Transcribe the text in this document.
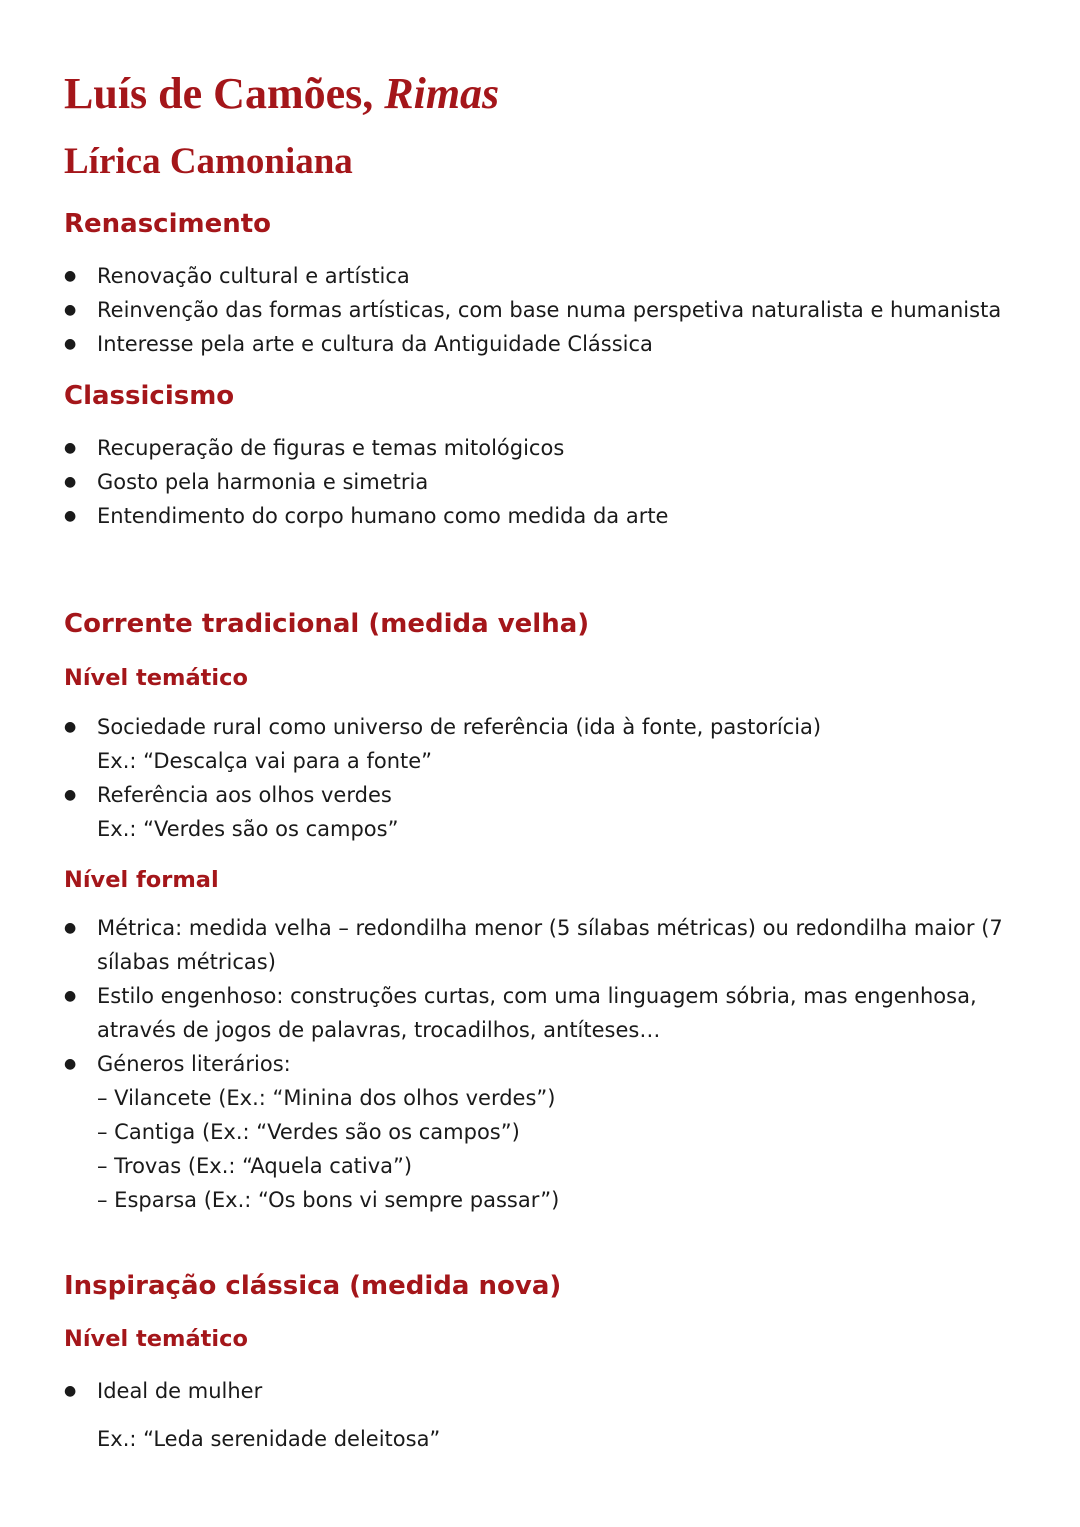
Luís de Camões, Rimas
Lírica Camoniana
Renascimento
● Renovação cultural e artística

● Reinvenção das formas artísticas, com base numa perspetiva naturalista e humanista

● Interesse pela arte e cultura da Antiguidade Clássica

Classicismo
● Recuperação de figuras e temas mitológicos

● Gosto pela harmonia e simetria

● Entendimento do corpo humano como medida da arte

Corrente tradicional (medida velha)
Nível temático
● Sociedade rural como universo de referência (ida à fonte, pastorícia)

Ex.: “Descalça vai para a fonte”

● Referência aos olhos verdes

Ex.: “Verdes são os campos”

Nível formal
● Métrica: medida velha – redondilha menor (5 sílabas métricas) ou redondilha maior (7

sílabas métricas)

● Estilo engenhoso: construções curtas, com uma linguagem sóbria, mas engenhosa,

através de jogos de palavras, trocadilhos, antíteses…

● Géneros literários:

– Vilancete (Ex.: “Minina dos olhos verdes”)

– Cantiga (Ex.: “Verdes são os campos”)

– Trovas (Ex.: “Aquela cativa”)

– Esparsa (Ex.: “Os bons vi sempre passar”)

Inspiração clássica (medida nova)
Nível temático
● Ideal de mulher

Ex.: “Leda serenidade deleitosa”
